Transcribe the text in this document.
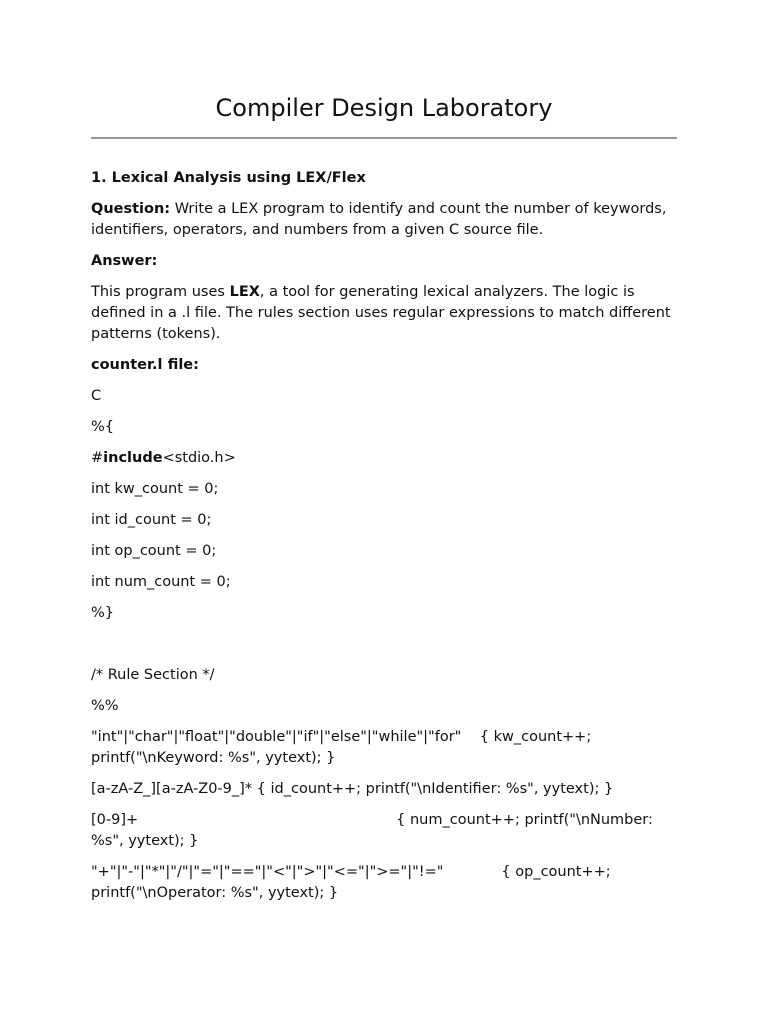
Compiler Design Laboratory

1. Lexical Analysis using LEX/Flex

Question: Write a LEX program to identify and count the number of keywords, identifiers, operators, and numbers from a given C source file.

Answer:

This program uses LEX, a tool for generating lexical analyzers. The logic is defined in a .l file. The rules section uses regular expressions to match different patterns (tokens).

counter.l file:

C

%{

#include<stdio.h>

int kw_count = 0;

int id_count = 0;

int op_count = 0;

int num_count = 0;

%}

/* Rule Section */

%%

"int"|"char"|"float"|"double"|"if"|"else"|"while"|"for"    { kw_count++; printf("\nKeyword: %s", yytext); }

[a-zA-Z_][a-zA-Z0-9_]* { id_count++; printf("\nIdentifier: %s", yytext); }

[0-9]+	{ num_count++; printf("\nNumber: %s", yytext); }

"+"|"-"|"*"|"/"|"="|"=="|"<"|">"|"<="|">="|"!="	{ op_count++; printf("\nOperator: %s", yytext); }
